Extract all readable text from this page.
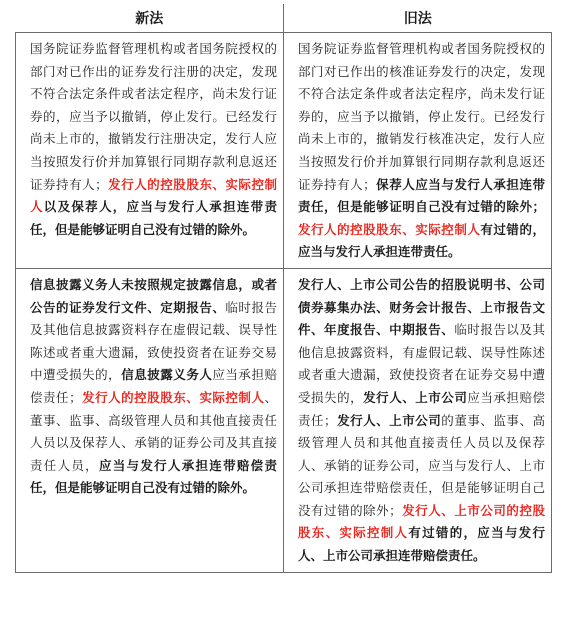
新法	旧法
国务院证券监督管理机构或者国务院授权的部门对已作出的证券发行注册的决定，发现不符合法定条件或者法定程序，尚未发行证券的，应当予以撤销，停止发行。已经发行尚未上市的，撤销发行注册决定，发行人应当按照发行价并加算银行同期存款利息返还证券持有人；发行人的控股股东、实际控制人以及保荐人，应当与发行人承担连带责任，但是能够证明自己没有过错的除外。	国务院证券监督管理机构或者国务院授权的部门对已作出的核准证券发行的决定，发现不符合法定条件或者法定程序，尚未发行证券的，应当予以撤销，停止发行。已经发行尚未上市的，撤销发行核准决定，发行人应当按照发行价并加算银行同期存款利息返还证券持有人；保荐人应当与发行人承担连带责任，但是能够证明自己没有过错的除外；发行人的控股股东、实际控制人有过错的，应当与发行人承担连带责任。
信息披露义务人未按照规定披露信息，或者公告的证券发行文件、定期报告、临时报告及其他信息披露资料存在虚假记载、误导性陈述或者重大遗漏，致使投资者在证券交易中遭受损失的，信息披露义务人应当承担赔偿责任；发行人的控股股东、实际控制人、董事、监事、高级管理人员和其他直接责任人员以及保荐人、承销的证券公司及其直接责任人员，应当与发行人承担连带赔偿责任，但是能够证明自己没有过错的除外。	发行人、上市公司公告的招股说明书、公司债券募集办法、财务会计报告、上市报告文件、年度报告、中期报告、临时报告以及其他信息披露资料，有虚假记载、误导性陈述或者重大遗漏，致使投资者在证券交易中遭受损失的，发行人、上市公司应当承担赔偿责任；发行人、上市公司的董事、监事、高级管理人员和其他直接责任人员以及保荐人、承销的证券公司，应当与发行人、上市公司承担连带赔偿责任，但是能够证明自己没有过错的除外；发行人、上市公司的控股股东、实际控制人有过错的，应当与发行人、上市公司承担连带赔偿责任。
